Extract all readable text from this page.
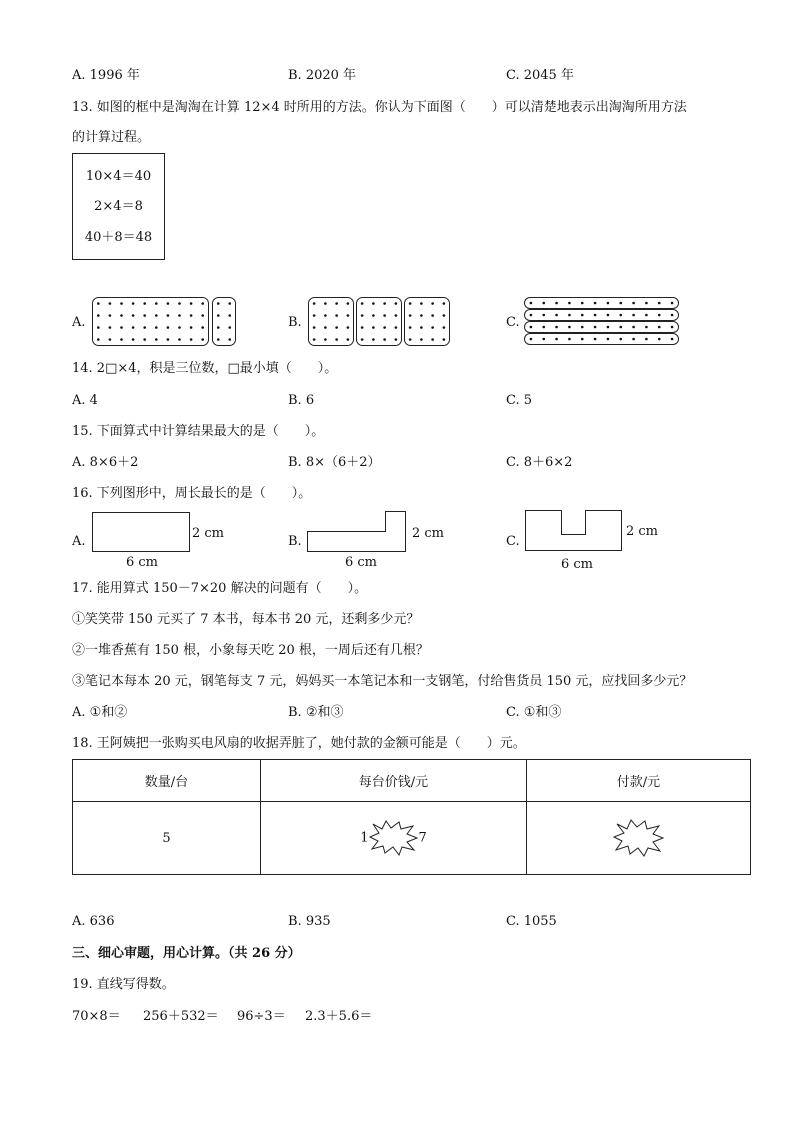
A. 1996 年	B. 2020 年	C. 2045 年
13. 如图的框中是淘淘在计算 12×4 时所用的方法。你认为下面图（　　）可以清楚地表示出淘淘所用方法
的计算过程。
10×4＝40
2×4＝8
40＋8＝48
A.	B.	C.
14. 2□×4，积是三位数，□最小填（　　）。
A. 4	B. 6	C. 5
15. 下面算式中计算结果最大的是（　　）。
A. 8×6＋2	B. 8×（6＋2）	C. 8＋6×2
16. 下列图形中，周长最长的是（　　）。
A.
2 cm
6 cm
B.
2 cm
6 cm
C.
2 cm
6 cm
17. 能用算式 150－7×20 解决的问题有（　　）。
①笑笑带 150 元买了 7 本书，每本书 20 元，还剩多少元？
②一堆香蕉有 150 根，小象每天吃 20 根，一周后还有几根？
③笔记本每本 20 元，钢笔每支 7 元，妈妈买一本笔记本和一支钢笔，付给售货员 150 元，应找回多少元？
A. ①和②	B. ②和③	C. ①和③
18. 王阿姨把一张购买电风扇的收据弄脏了，她付款的金额可能是（　　）元。
数量/台	每台价钱/元	付款/元
5	1 7	
A. 636	B. 935	C. 1055
三、细心审题，用心计算。（共 26 分）
19. 直线写得数。
70×8＝ 256＋532＝ 96÷3＝ 2.3＋5.6＝
